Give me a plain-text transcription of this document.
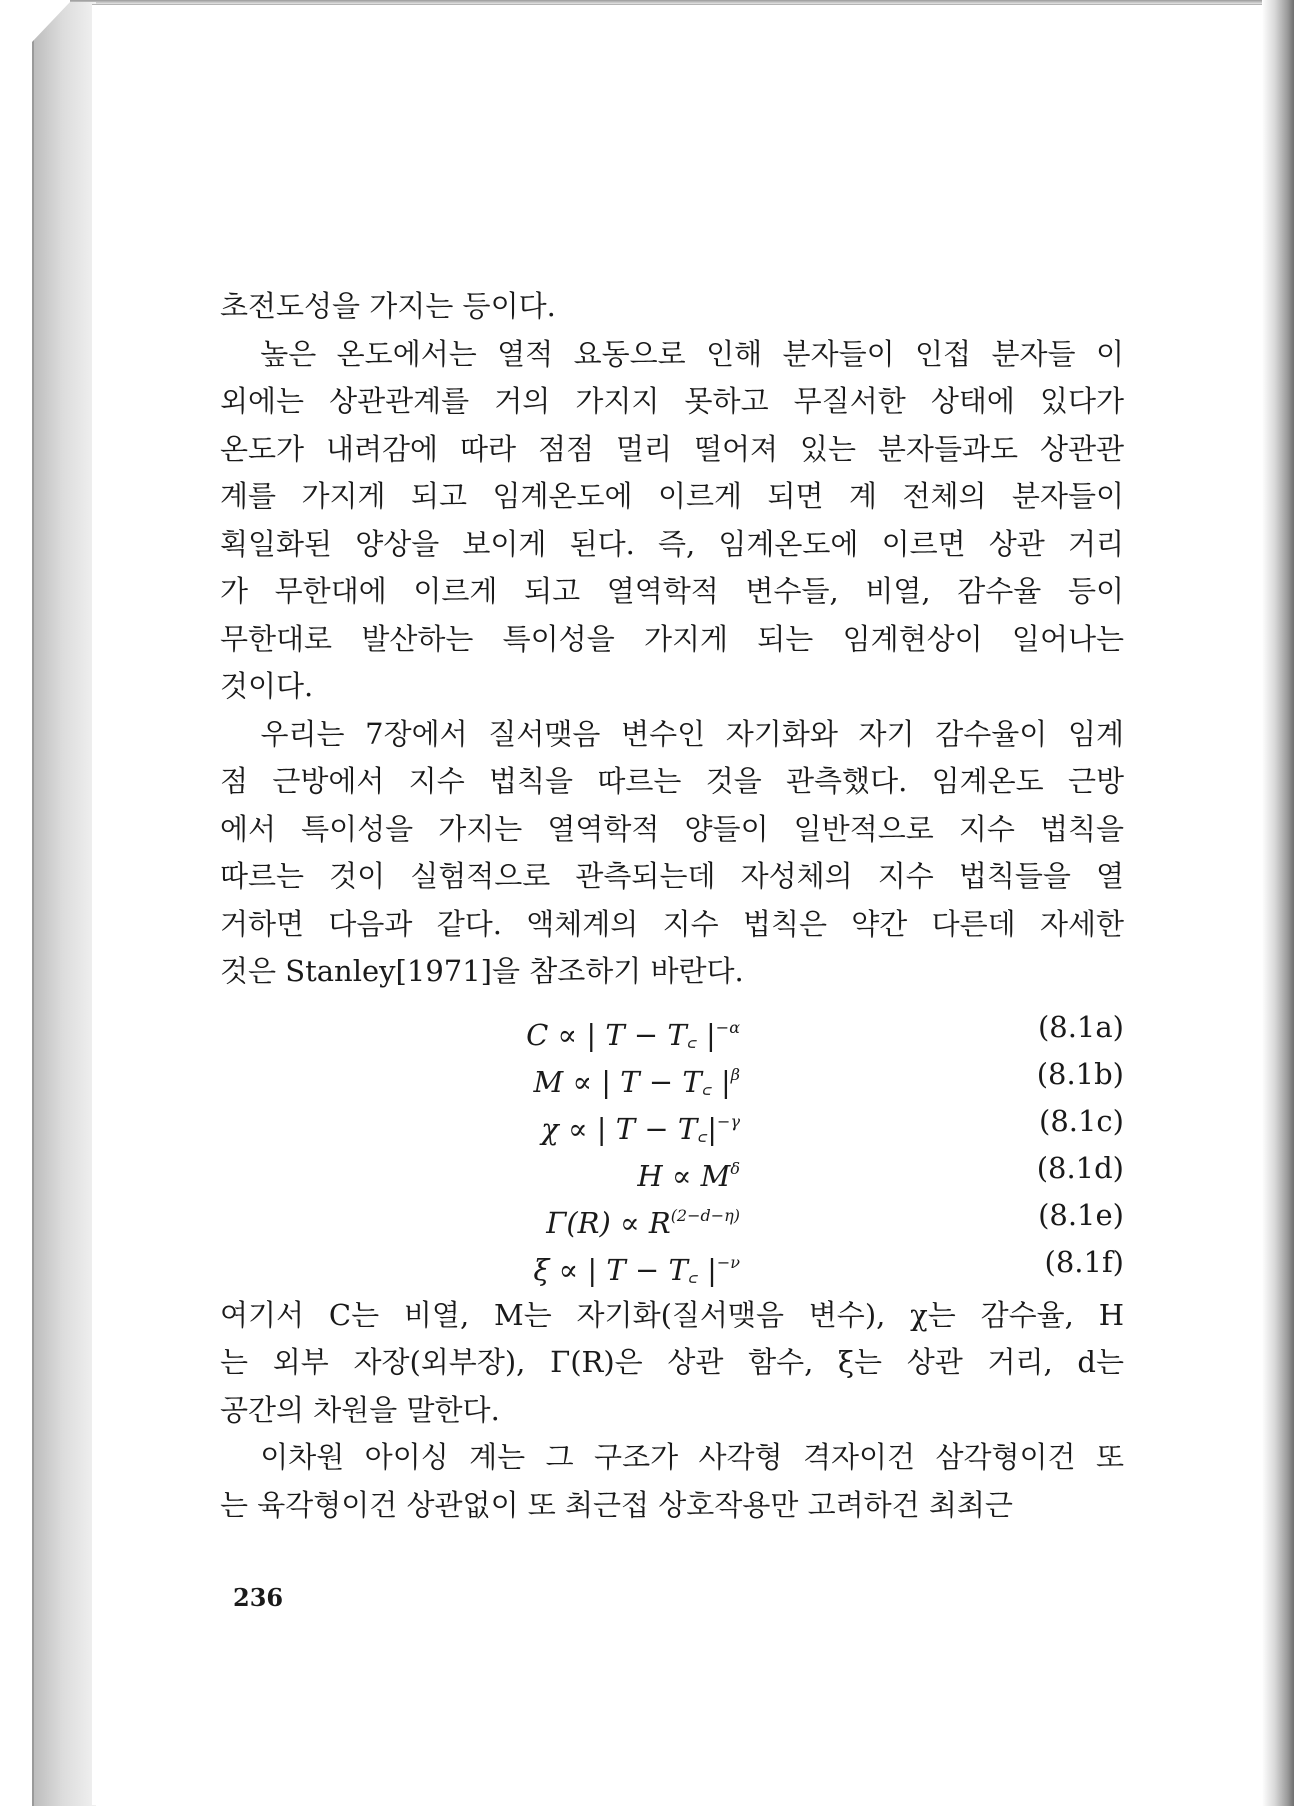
초전도성을 가지는 등이다.
　높은 온도에서는 열적 요동으로 인해 분자들이 인접 분자들 이
외에는 상관관계를 거의 가지지 못하고 무질서한 상태에 있다가
온도가 내려감에 따라 점점 멀리 떨어져 있는 분자들과도 상관관
계를 가지게 되고 임계온도에 이르게 되면 계 전체의 분자들이
획일화된 양상을 보이게 된다. 즉, 임계온도에 이르면 상관 거리
가 무한대에 이르게 되고 열역학적 변수들, 비열, 감수율 등이
무한대로 발산하는 특이성을 가지게 되는 임계현상이 일어나는
것이다.
　우리는 7장에서 질서맺음 변수인 자기화와 자기 감수율이 임계
점 근방에서 지수 법칙을 따르는 것을 관측했다. 임계온도 근방
에서 특이성을 가지는 열역학적 양들이 일반적으로 지수 법칙을
따르는 것이 실험적으로 관측되는데 자성체의 지수 법칙들을 열
거하면 다음과 같다. 액체계의 지수 법칙은 약간 다른데 자세한
것은 Stanley[1971]을 참조하기 바란다.
C ∝ | T − T꜀ $|^{-\alpha}$	(8.1a)
M ∝ | T − T꜀ $|^\beta$	(8.1b)
χ ∝ | $T - T꜀|^{-\gamma}$	(8.1c)
$H \propto M^\delta$	(8.1d)
$\Gamma(R) \propto R^{(2-d-\eta)}$	(8.1e)
ξ ∝ | T − T꜀ $|^{-\nu}$	(8.1f)
여기서 C는 비열, M는 자기화(질서맺음 변수), χ는 감수율, H
는 외부 자장(외부장), Γ(R)은 상관 함수, ξ는 상관 거리, d는
공간의 차원을 말한다.
　이차원 아이싱 계는 그 구조가 사각형 격자이건 삼각형이건 또
는 육각형이건 상관없이 또 최근접 상호작용만 고려하건 최최근
236
